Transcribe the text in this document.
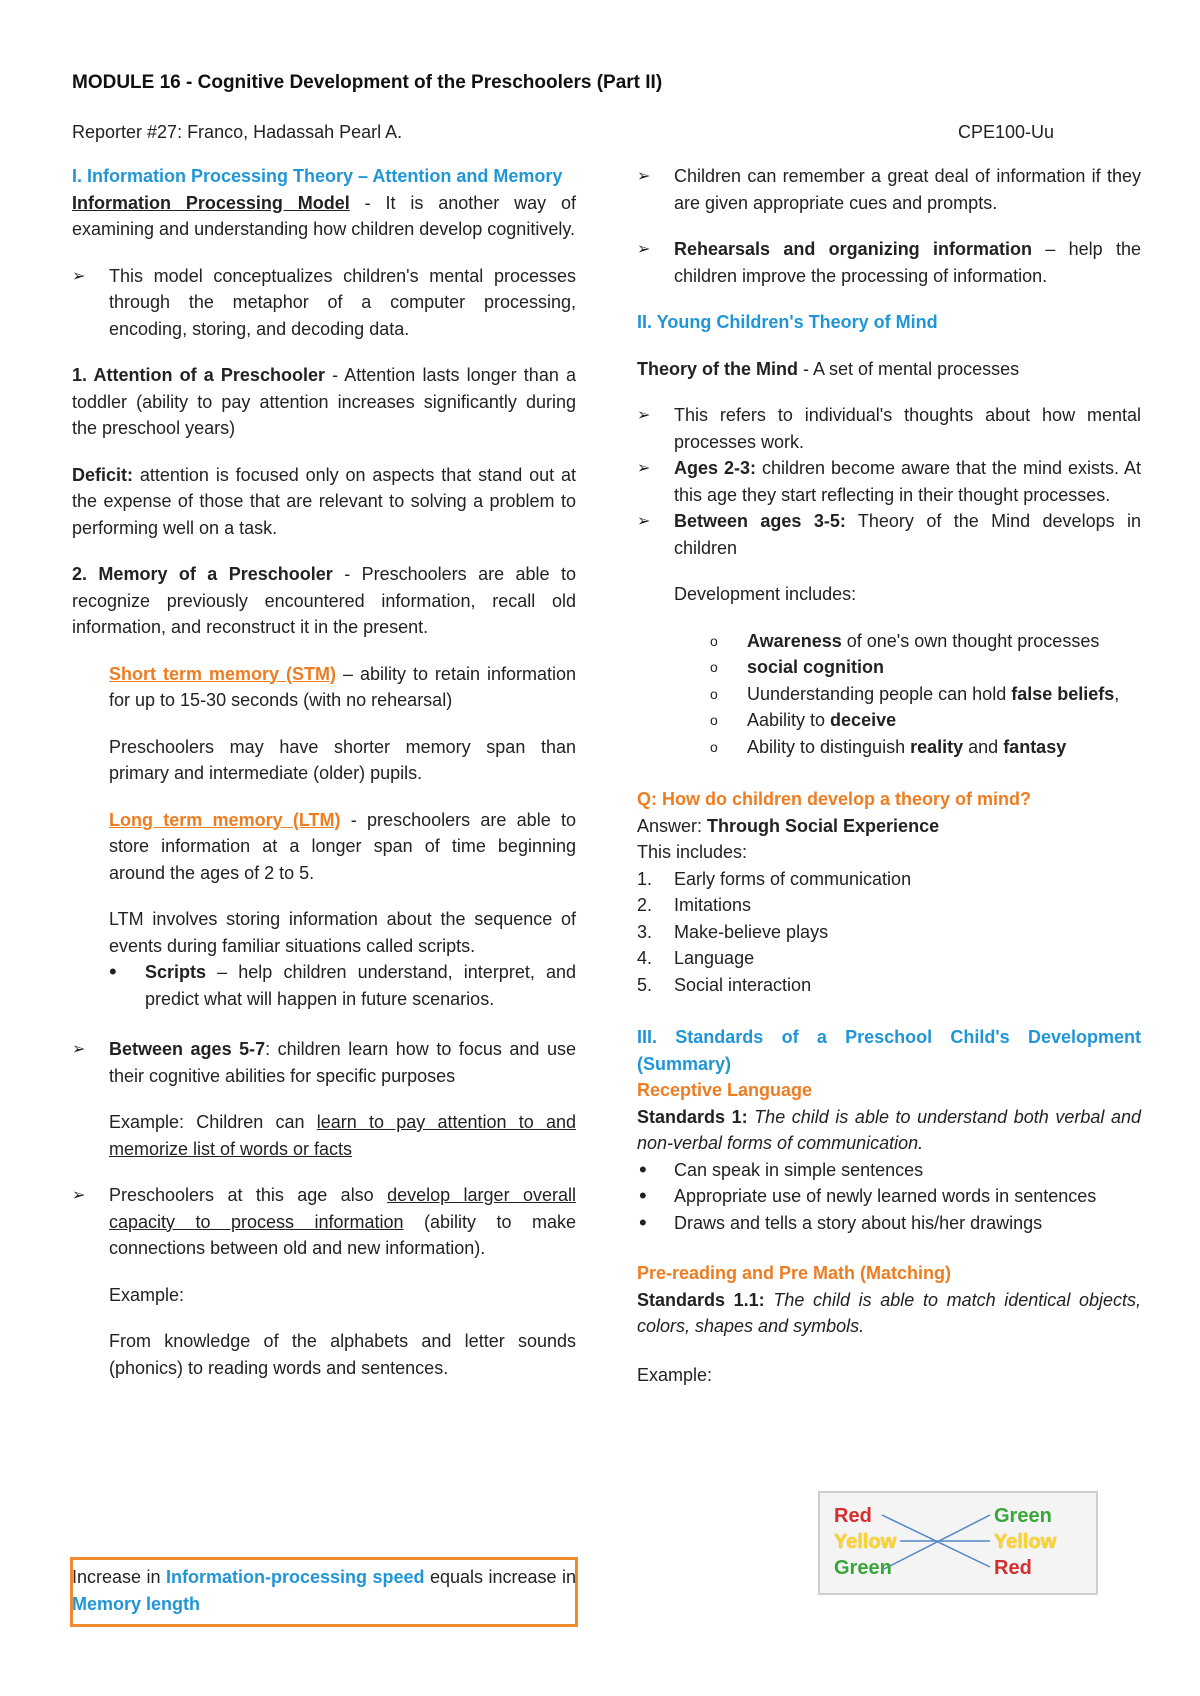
MODULE 16 - Cognitive Development of the Preschoolers (Part II)
Reporter #27: Franco, Hadassah Pearl A.	CPE100-Uu
I. Information Processing Theory – Attention and Memory

Information Processing Model - It is another way of examining and understanding how children develop cognitively.

➢ This model conceptualizes children's mental processes through the metaphor of a computer processing, encoding, storing, and decoding data.

1. Attention of a Preschooler - Attention lasts longer than a toddler (ability to pay attention increases significantly during the preschool years)

Deficit: attention is focused only on aspects that stand out at the expense of those that are relevant to solving a problem to performing well on a task.

2. Memory of a Preschooler - Preschoolers are able to recognize previously encountered information, recall old information, and reconstruct it in the present.

Short term memory (STM) – ability to retain information for up to 15-30 seconds (with no rehearsal)

Preschoolers may have shorter memory span than primary and intermediate (older) pupils.

Long term memory (LTM) - preschoolers are able to store information at a longer span of time beginning around the ages of 2 to 5.

LTM involves storing information about the sequence of events during familiar situations called scripts.

• Scripts – help children understand, interpret, and predict what will happen in future scenarios.

➢ Between ages 5-7: children learn how to focus and use their cognitive abilities for specific purposes

Example: Children can learn to pay attention to and memorize list of words or facts

➢ Preschoolers at this age also develop larger overall capacity to process information (ability to make connections between old and new information).

Example:

From knowledge of the alphabets and letter sounds (phonics) to reading words and sentences.

Increase in Information-processing speed equals increase in Memory length

➢ Children can remember a great deal of information if they are given appropriate cues and prompts.

➢ Rehearsals and organizing information – help the children improve the processing of information.

II. Young Children's Theory of Mind

Theory of the Mind - A set of mental processes

➢ This refers to individual's thoughts about how mental processes work.

➢ Ages 2-3: children become aware that the mind exists. At this age they start reflecting in their thought processes.

➢ Between ages 3-5: Theory of the Mind develops in children

Development includes:

o Awareness of one's own thought processes

o social cognition

o Uunderstanding people can hold false beliefs,

o Aability to deceive

o Ability to distinguish reality and fantasy

Q: How do children develop a theory of mind?
Answer: Through Social Experience
This includes:

1. Early forms of communication

2. Imitations

3. Make-believe plays

4. Language

5. Social interaction

III. Standards of a Preschool Child's Development (Summary)
Receptive Language
Standards 1: The child is able to understand both verbal and non-verbal forms of communication.

• Can speak in simple sentences

• Appropriate use of newly learned words in sentences

• Draws and tells a story about his/her drawings

Pre-reading and Pre Math (Matching)
Standards 1.1: The child is able to match identical objects, colors, shapes and symbols.
Example:
Red
Yellow
Green
Green
Yellow
Red
